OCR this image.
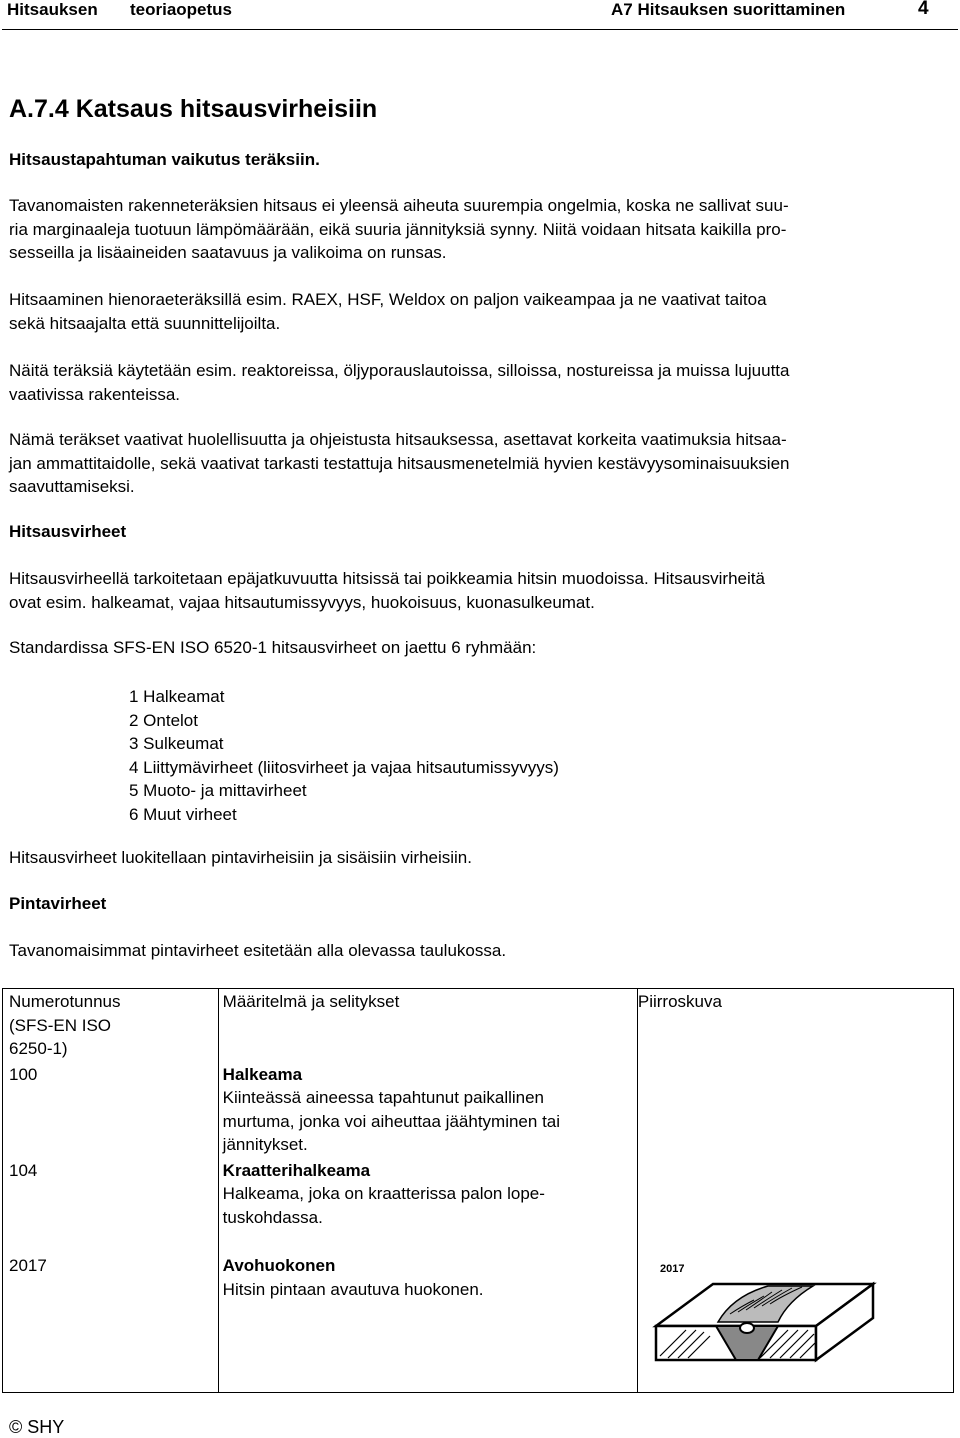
Hitsauksen teoriaopetus	A7 Hitsauksen suorittaminen	4
A.7.4 Katsaus hitsausvirheisiin
Hitsaustapahtuman vaikutus teräksiin.
Tavanomaisten rakenneteräksien hitsaus ei yleensä aiheuta suurempia ongelmia, koska ne sallivat suu-
ria marginaaleja tuotuun lämpömäärään, eikä suuria jännityksiä synny. Niitä voidaan hitsata kaikilla pro-
sesseilla ja lisäaineiden saatavuus ja valikoima on runsas.
Hitsaaminen hienoraeteräksillä esim. RAEX, HSF, Weldox on paljon vaikeampaa ja ne vaativat taitoa
sekä hitsaajalta että suunnittelijoilta.
Näitä teräksiä käytetään esim. reaktoreissa, öljyporauslautoissa, silloissa, nostureissa ja muissa lujuutta
vaativissa rakenteissa.
Nämä teräkset vaativat huolellisuutta ja ohjeistusta hitsauksessa, asettavat korkeita vaatimuksia hitsaa-
jan ammattitaidolle, sekä vaativat tarkasti testattuja hitsausmenetelmiä hyvien kestävyysominaisuuksien
saavuttamiseksi.
Hitsausvirheet
Hitsausvirheellä tarkoitetaan epäjatkuvuutta hitsissä tai poikkeamia hitsin muodoissa. Hitsausvirheitä
ovat esim. halkeamat, vajaa hitsautumissyvyys, huokoisuus, kuonasulkeumat.
Standardissa SFS-EN ISO 6520-1 hitsausvirheet on jaettu 6 ryhmään:
1 Halkeamat
2 Ontelot
3 Sulkeumat
4 Liittymävirheet (liitosvirheet ja vajaa hitsautumissyvyys)
5 Muoto- ja mittavirheet
6 Muut virheet
Hitsausvirheet luokitellaan pintavirheisiin ja sisäisiin virheisiin.
Pintavirheet
Tavanomaisimmat pintavirheet esitetään alla olevassa taulukossa.
Numerotunnus
(SFS-EN ISO
6250-1)	Määritelmä ja selitykset	Piirroskuva
100	Halkeama
Kiinteässä aineessa tapahtunut paikallinen
murtuma, jonka voi aiheuttaa jäähtyminen tai
jännitykset.	

104	Kraatterihalkeama
Halkeama, joka on kraatterissa palon lope-
tuskohdassa.	

2017	Avohuokonen
Hitsin pintaan avautuva huokonen.	2017
© SHY
